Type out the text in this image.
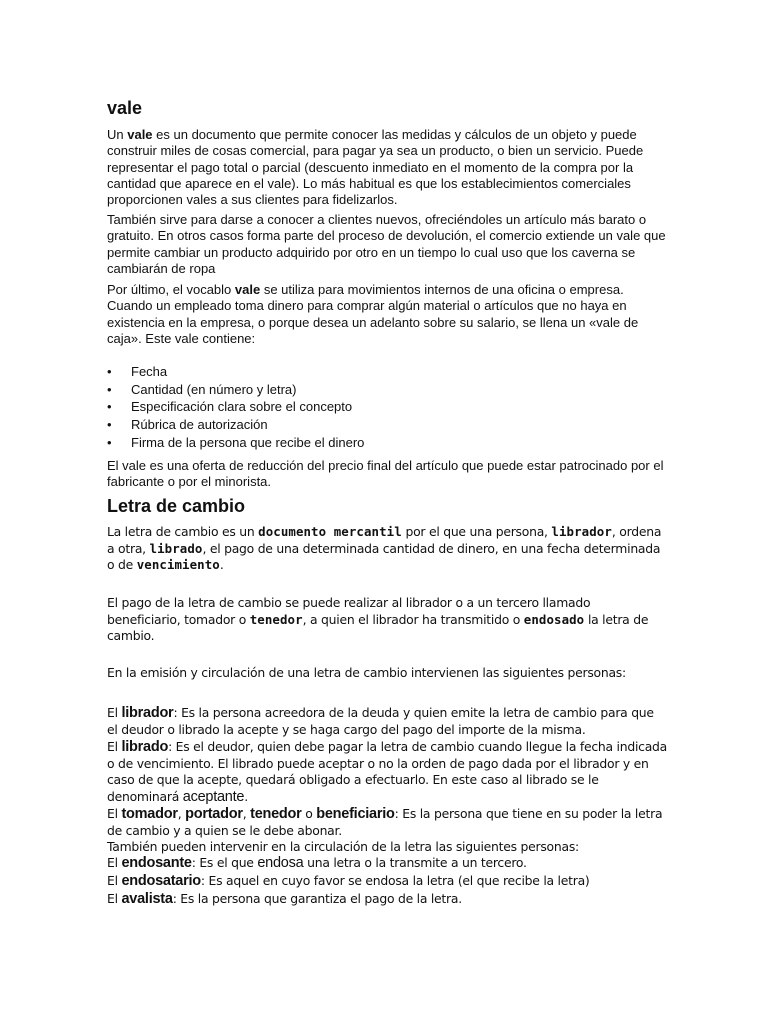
vale

Un vale es un documento que permite conocer las medidas y cálculos de un objeto y puede construir miles de cosas comercial, para pagar ya sea un producto, o bien un servicio. Puede representar el pago total o parcial (descuento inmediato en el momento de la compra por la cantidad que aparece en el vale). Lo más habitual es que los establecimientos comerciales proporcionen vales a sus clientes para fidelizarlos.

También sirve para darse a conocer a clientes nuevos, ofreciéndoles un artículo más barato o gratuito. En otros casos forma parte del proceso de devolución, el comercio extiende un vale que permite cambiar un producto adquirido por otro en un tiempo lo cual uso que los caverna se cambiarán de ropa

Por último, el vocablo vale se utiliza para movimientos internos de una oficina o empresa. Cuando un empleado toma dinero para comprar algún material o artículos que no haya en existencia en la empresa, o porque desea un adelanto sobre su salario, se llena un «vale de caja». Este vale contiene:

• Fecha
• Cantidad (en número y letra)
• Especificación clara sobre el concepto
• Rúbrica de autorización
• Firma de la persona que recibe el dinero

El vale es una oferta de reducción del precio final del artículo que puede estar patrocinado por el fabricante o por el minorista.

Letra de cambio

La letra de cambio es un documento mercantil por el que una persona, librador, ordena a otra, librado, el pago de una determinada cantidad de dinero, en una fecha determinada o de vencimiento.

El pago de la letra de cambio se puede realizar al librador o a un tercero llamado beneficiario, tomador o tenedor, a quien el librador ha transmitido o endosado la letra de cambio.

En la emisión y circulación de una letra de cambio intervienen las siguientes personas:

El librador: Es la persona acreedora de la deuda y quien emite la letra de cambio para que el deudor o librado la acepte y se haga cargo del pago del importe de la misma.

El librado: Es el deudor, quien debe pagar la letra de cambio cuando llegue la fecha indicada o de vencimiento. El librado puede aceptar o no la orden de pago dada por el librador y en caso de que la acepte, quedará obligado a efectuarlo. En este caso al librado se le denominará aceptante.

El tomador, portador, tenedor o beneficiario: Es la persona que tiene en su poder la letra de cambio y a quien se le debe abonar.

También pueden intervenir en la circulación de la letra las siguientes personas:

El endosante: Es el que endosa una letra o la transmite a un tercero.

El endosatario: Es aquel en cuyo favor se endosa la letra (el que recibe la letra)

El avalista: Es la persona que garantiza el pago de la letra.
